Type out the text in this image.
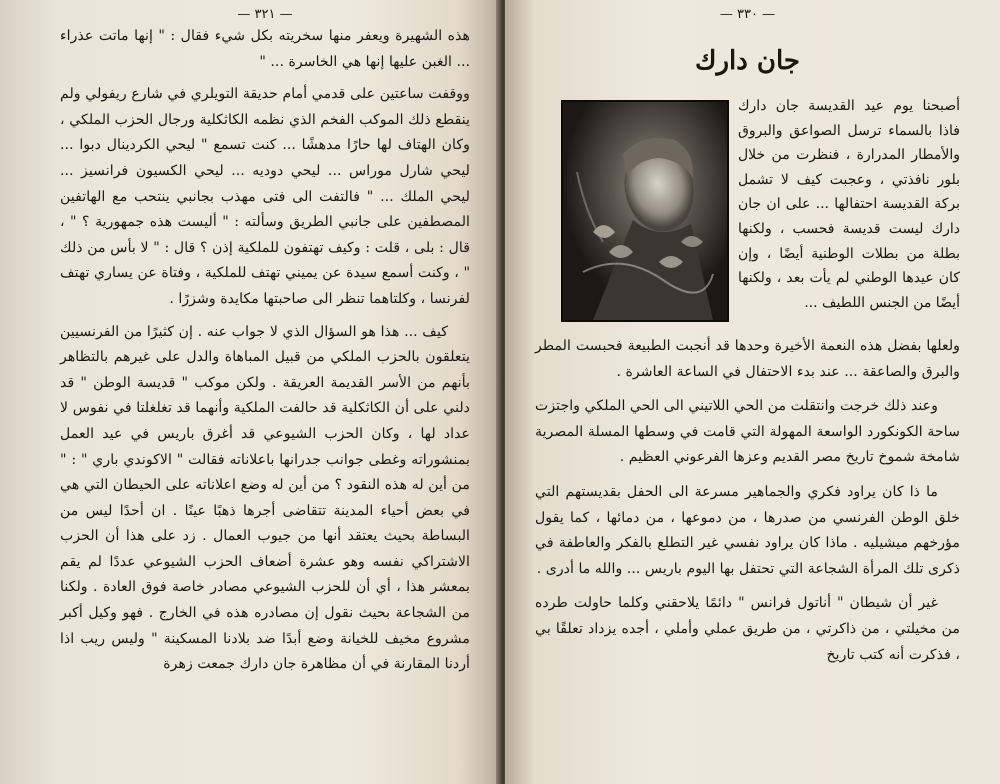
— ٣٢١ —

هذه الشهيرة ويعفر منها سخريته بكل شيء فقال : " إنها ماتت عذراء ... الغبن عليها إنها هي الخاسرة ... "

ووقفت ساعتين على قدمي أمام حديقة التويلري في شارع ريفولي ولم ينقطع ذلك الموكب الفخم الذي نظمه الكاثكلية ورجال الحزب الملكي ، وكان الهتاف لها حارًا مدهشًا ... كنت تسمع " ليحي الكردينال دبوا ... ليحي شارل موراس ... ليحي دوديه ... ليحي الكسيون فرانسيز ... ليحي الملك ... " فالتفت الى فتى مهذب بجانبي ينتحب مع الهاتفين المصطفين على جانبي الطريق وسألته : " أليست هذه جمهورية ؟ " ، قال : بلى ، قلت : وكيف تهتفون للملكية إذن ؟ قال : " لا بأس من ذلك " ، وكنت أسمع سيدة عن يميني تهتف للملكية ، وفتاة عن يساري تهتف لفرنسا ، وكلتاهما تنظر الى صاحبتها مكايدة وشزرًا .

كيف ... هذا هو السؤال الذي لا جواب عنه . إن كثيرًا من الفرنسيين يتعلقون بالحزب الملكي من قبيل المباهاة والدل على غيرهم بالتظاهر بأنهم من الأسر القديمة العريقة . ولكن موكب " قديسة الوطن " قد دلني على أن الكاثكلية قد حالفت الملكية وأنهما قد تغلغلتا في نفوس لا عداد لها ، وكان الحزب الشيوعي قد أغرق باريس في عيد العمل بمنشوراته وغطى جوانب جدرانها باعلاناته فقالت " الاكوندي باري " : " من أين له هذه النقود ؟ من أين له وضع اعلاناته على الحيطان التي هي في بعض أحياء المدينة تتقاضى أجرها ذهبًا عينًا . ان أحدًا ليس من البساطة بحيث يعتقد أنها من جيوب العمال . زد على هذا أن الحزب الاشتراكي نفسه وهو عشرة أضعاف الحزب الشيوعي عددًا لم يقم بمعشر هذا ، أي أن للحزب الشيوعي مصادر خاصة فوق العادة . ولكنا من الشجاعة بحيث نقول إن مصادره هذه في الخارج . فهو وكيل أكبر مشروع مخيف للخيانة وضع أبدًا ضد بلادنا المسكينة " وليس ريب اذا أردنا المقارنة في أن مظاهرة جان دارك جمعت زهرة

— ٣٣٠ —
جان دارك

أصبحنا يوم عيد القديسة جان دارك فاذا بالسماء ترسل الصواعق والبروق والأمطار المدرارة ، فنظرت من خلال بلور نافذتي ، وعجبت كيف لا تشمل بركة القديسة احتفالها ... على ان جان دارك ليست قديسة فحسب ، ولكنها بطلة من بطلات الوطنية أيضًا ، وإن كان عيدها الوطني لم يأت بعد ، ولكنها أيضًا من الجنس اللطيف ...

ولعلها بفضل هذه النعمة الأخيرة وحدها قد أنجبت الطبيعة فحبست المطر والبرق والصاعقة ... عند بدء الاحتفال في الساعة العاشرة .

وعند ذلك خرجت وانتقلت من الحي اللاتيني الى الحي الملكي واجتزت ساحة الكونكورد الواسعة المهولة التي قامت في وسطها المسلة المصرية شامخة شموخ تاريخ مصر القديم وعزها الفرعوني العظيم .

ما ذا كان يراود فكري والجماهير مسرعة الى الحفل بقديستهم التي خلق الوطن الفرنسي من صدرها ، من دموعها ، من دمائها ، كما يقول مؤرخهم ميشيليه . ماذا كان يراود نفسي غير التطلع بالفكر والعاطفة في ذكرى تلك المرأة الشجاعة التي تحتفل بها اليوم باريس ... والله ما أدرى .

غير أن شيطان " أناتول فرانس " دائمًا يلاحقني وكلما حاولت طرده من مخيلتي ، من ذاكرتي ، من طريق عملي وأملي ، أجده يزداد تعلقًا بي ، فذكرت أنه كتب تاريخ
